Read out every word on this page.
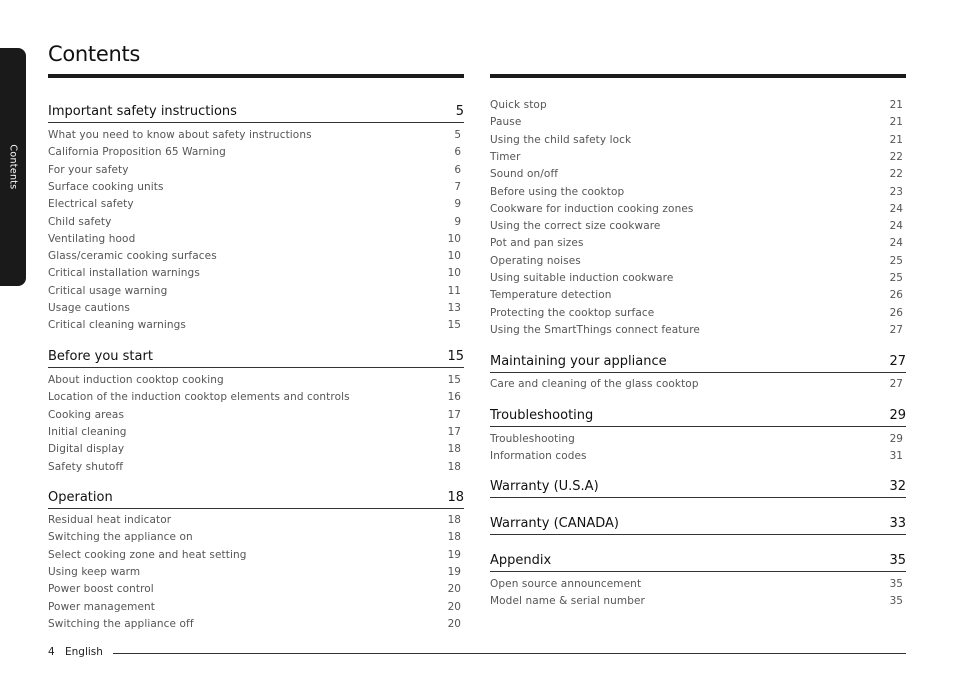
Contents
Contents
Important safety instructions	5
What you need to know about safety instructions	5
California Proposition 65 Warning	6
For your safety	6
Surface cooking units	7
Electrical safety	9
Child safety	9
Ventilating hood	10
Glass/ceramic cooking surfaces	10
Critical installation warnings	10
Critical usage warning	11
Usage cautions	13
Critical cleaning warnings	15
Before you start	15
About induction cooktop cooking	15
Location of the induction cooktop elements and controls	16
Cooking areas	17
Initial cleaning	17
Digital display	18
Safety shutoff	18
Operation	18
Residual heat indicator	18
Switching the appliance on	18
Select cooking zone and heat setting	19
Using keep warm	19
Power boost control	20
Power management	20
Switching the appliance off	20
Quick stop	21
Pause	21
Using the child safety lock	21
Timer	22
Sound on/off	22
Before using the cooktop	23
Cookware for induction cooking zones	24
Using the correct size cookware	24
Pot and pan sizes	24
Operating noises	25
Using suitable induction cookware	25
Temperature detection	26
Protecting the cooktop surface	26
Using the SmartThings connect feature	27
Maintaining your appliance	27
Care and cleaning of the glass cooktop	27
Troubleshooting	29
Troubleshooting	29
Information codes	31
Warranty (U.S.A)	32
Warranty (CANADA)	33
Appendix	35
Open source announcement	35
Model name & serial number	35
4 English
